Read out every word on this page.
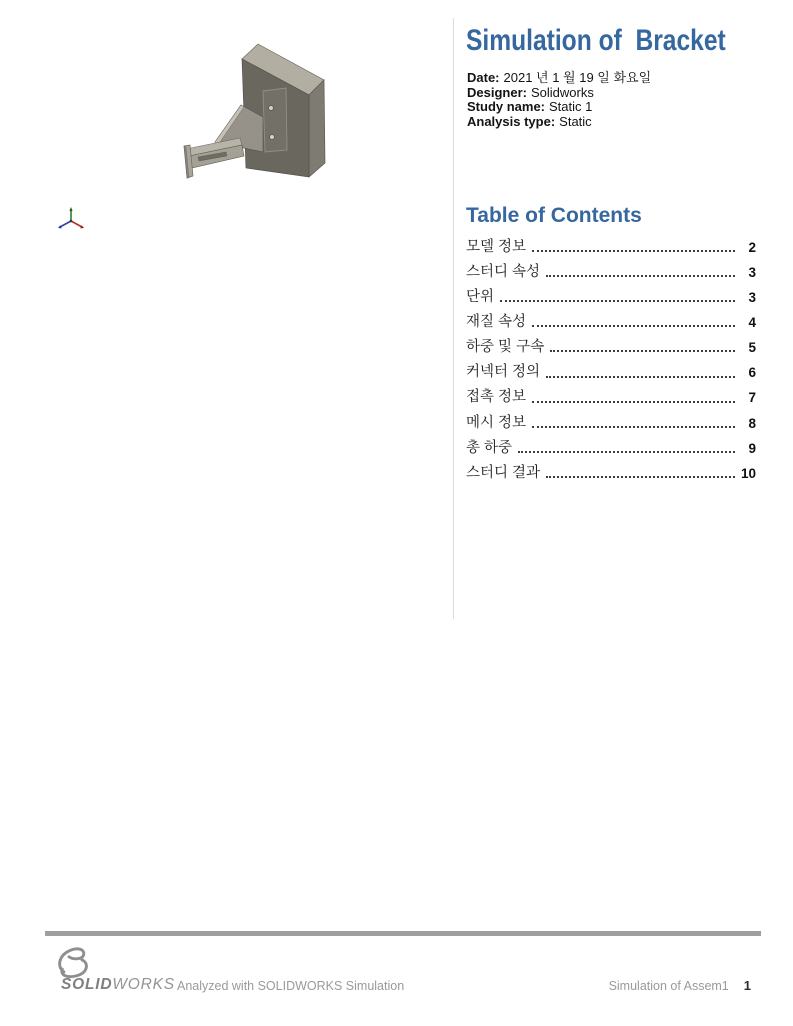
Simulation of  Bracket
Date: 2021 년 1 월 19 일 화요일
Designer: Solidworks
Study name: Static 1
Analysis type: Static
Table of Contents
모델 정보	2
스터디 속성	3
단위	3
재질 속성	4
하중 및 구속	5
커넥터 정의	6
접촉 정보	7
메시 정보	8
총 하중	9
스터디 결과	10
SOLIDWORKS Analyzed with SOLIDWORKS Simulation	Simulation of Assem1 1
